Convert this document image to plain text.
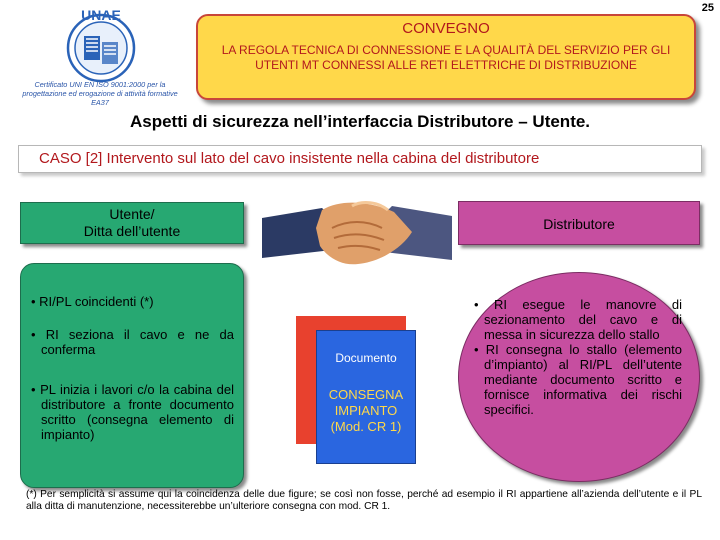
25
UNAE
Certificato UNI EN ISO 9001:2000 per la progettazione ed erogazione di attività formative EA37
CONVEGNO
LA REGOLA TECNICA DI CONNESSIONE E LA QUALITÀ DEL SERVIZIO PER GLI UTENTI MT CONNESSI ALLE RETI ELETTRICHE DI DISTRIBUZIONE
Aspetti di sicurezza nell’interfaccia Distributore – Utente.
CASO [2] Intervento sul lato del cavo insistente nella cabina del distributore
Utente/
Ditta dell’utente	Distributore
• RI/PL coincidenti (*)
• RI seziona il cavo e ne da conferma
• PL inizia i lavori c/o la cabina del distributore a fronte documento scritto (consegna elemento di impianto)
• RI esegue le manovre di sezionamento del cavo e di messa in sicurezza dello stallo
• RI consegna lo stallo (elemento d’impianto) al RI/PL dell’utente mediante documento scritto e fornisce informativa dei rischi specifici.
Documento
CONSEGNA IMPIANTO (Mod. CR 1)
(*) Per semplicità si assume qui la coincidenza delle due figure; se così non fosse, perché ad esempio il RI appartiene all’azienda dell’utente e il PL alla ditta di manutenzione, necessiterebbe un’ulteriore consegna con mod. CR 1.
